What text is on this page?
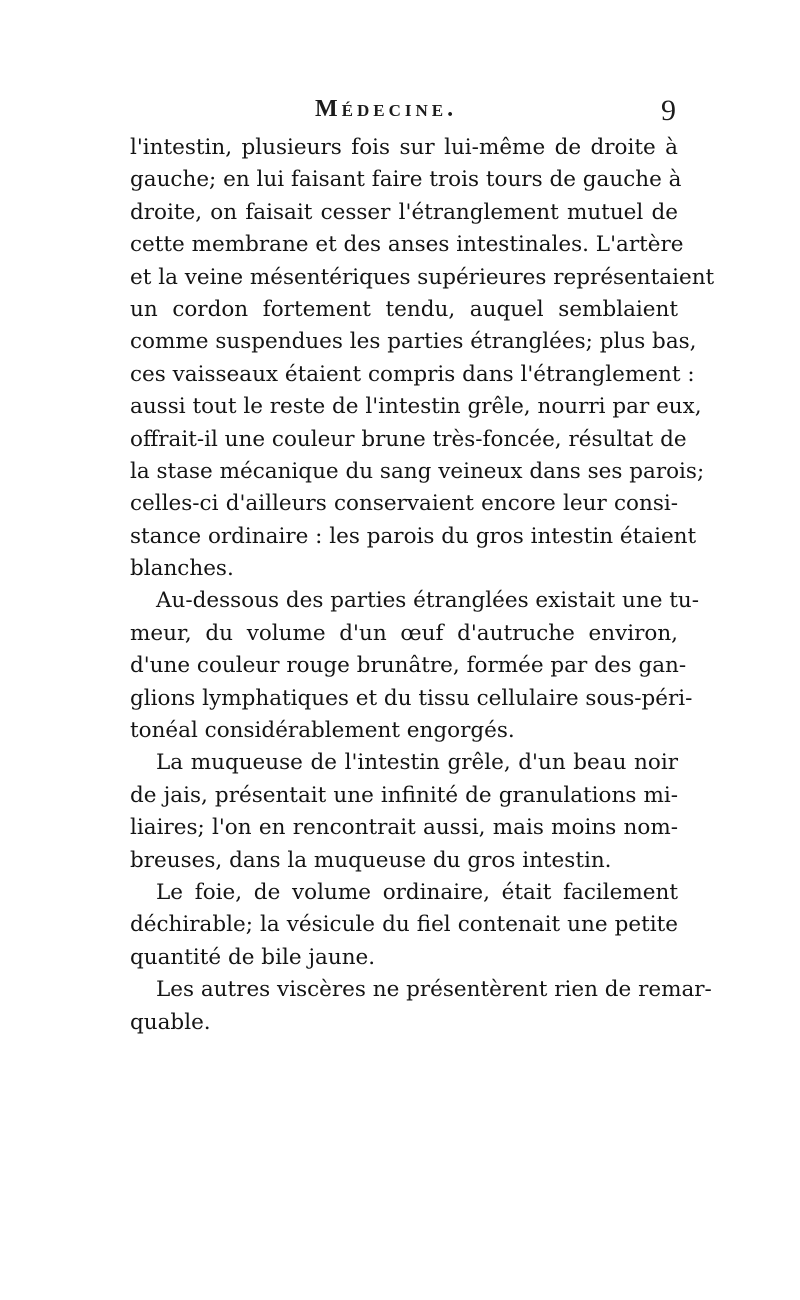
Médecine.	9
l'intestin, plusieurs fois sur lui-même de droite à
gauche; en lui faisant faire trois tours de gauche à
droite, on faisait cesser l'étranglement mutuel de
cette membrane et des anses intestinales. L'artère
et la veine mésentériques supérieures représentaient
un cordon fortement tendu, auquel semblaient
comme suspendues les parties étranglées; plus bas,
ces vaisseaux étaient compris dans l'étranglement :
aussi tout le reste de l'intestin grêle, nourri par eux,
offrait-il une couleur brune très-foncée, résultat de
la stase mécanique du sang veineux dans ses parois;
celles-ci d'ailleurs conservaient encore leur consi-
stance ordinaire : les parois du gros intestin étaient
blanches.
Au-dessous des parties étranglées existait une tu-
meur, du volume d'un œuf d'autruche environ,
d'une couleur rouge brunâtre, formée par des gan-
glions lymphatiques et du tissu cellulaire sous-péri-
tonéal considérablement engorgés.
La muqueuse de l'intestin grêle, d'un beau noir
de jais, présentait une infinité de granulations mi-
liaires; l'on en rencontrait aussi, mais moins nom-
breuses, dans la muqueuse du gros intestin.
Le foie, de volume ordinaire, était facilement
déchirable; la vésicule du fiel contenait une petite
quantité de bile jaune.
Les autres viscères ne présentèrent rien de remar-
quable.
